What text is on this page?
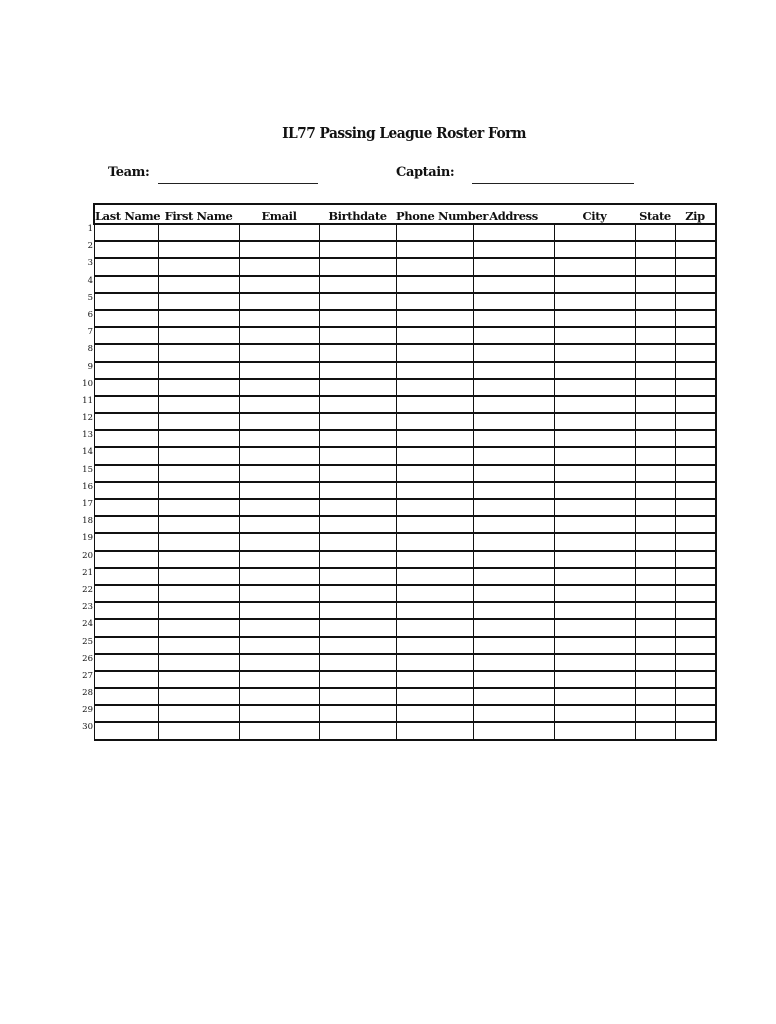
IL77 Passing League Roster Form
Team:	Captain:
1
2
3
4
5
6
7
8
9
10
11
12
13
14
15
16
17
18
19
20
21
22
23
24
25
26
27
28
29
30
Last Name	First Name	Email	Birthdate	Phone Number	Address	City	State	Zip
